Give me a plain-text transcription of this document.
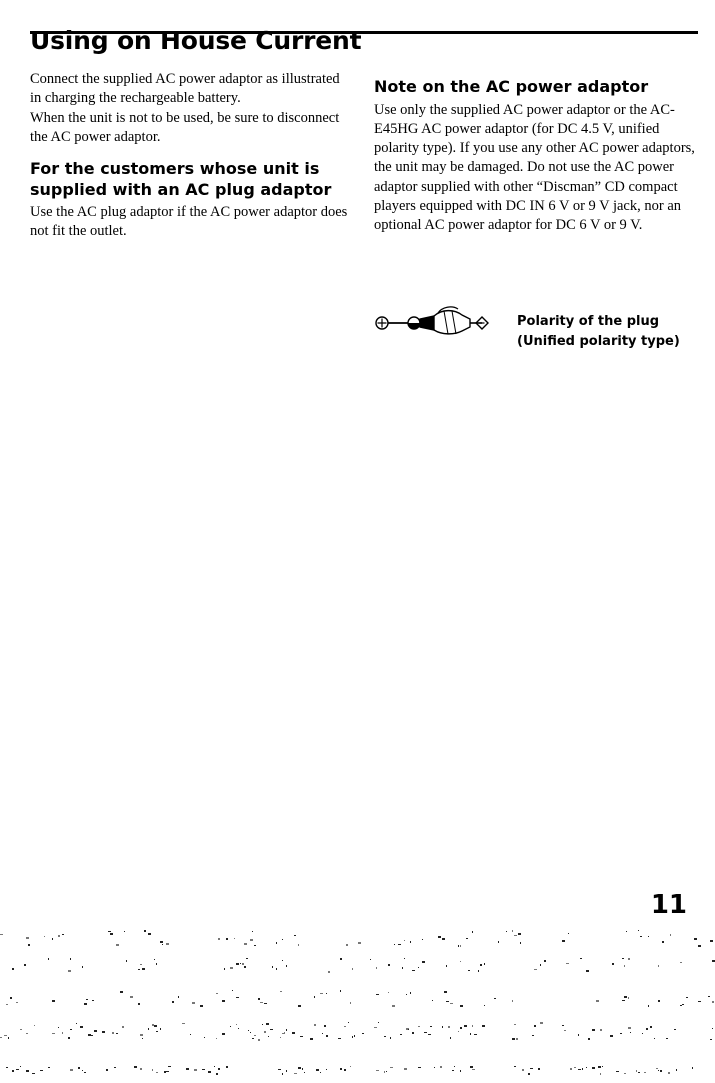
Using on House Current

Connect the supplied AC power adaptor as illustrated in charging the rechargeable battery.

When the unit is not to be used, be sure to disconnect the AC power adaptor.

For the customers whose unit is supplied with an AC plug adaptor

Use the AC plug adaptor if the AC power adaptor does not fit the outlet.

Note on the AC power adaptor

Use only the supplied AC power adaptor or the AC-E45HG AC power adaptor (for DC 4.5 V, unified polarity type). If you use any other AC power adaptors, the unit may be damaged. Do not use the AC power adaptor supplied with other “Discman” CD compact players equipped with DC IN 6 V or 9 V jack, nor an optional AC power adaptor for DC 6 V or 9 V.

Polarity of the plug
(Unified polarity type)
11
